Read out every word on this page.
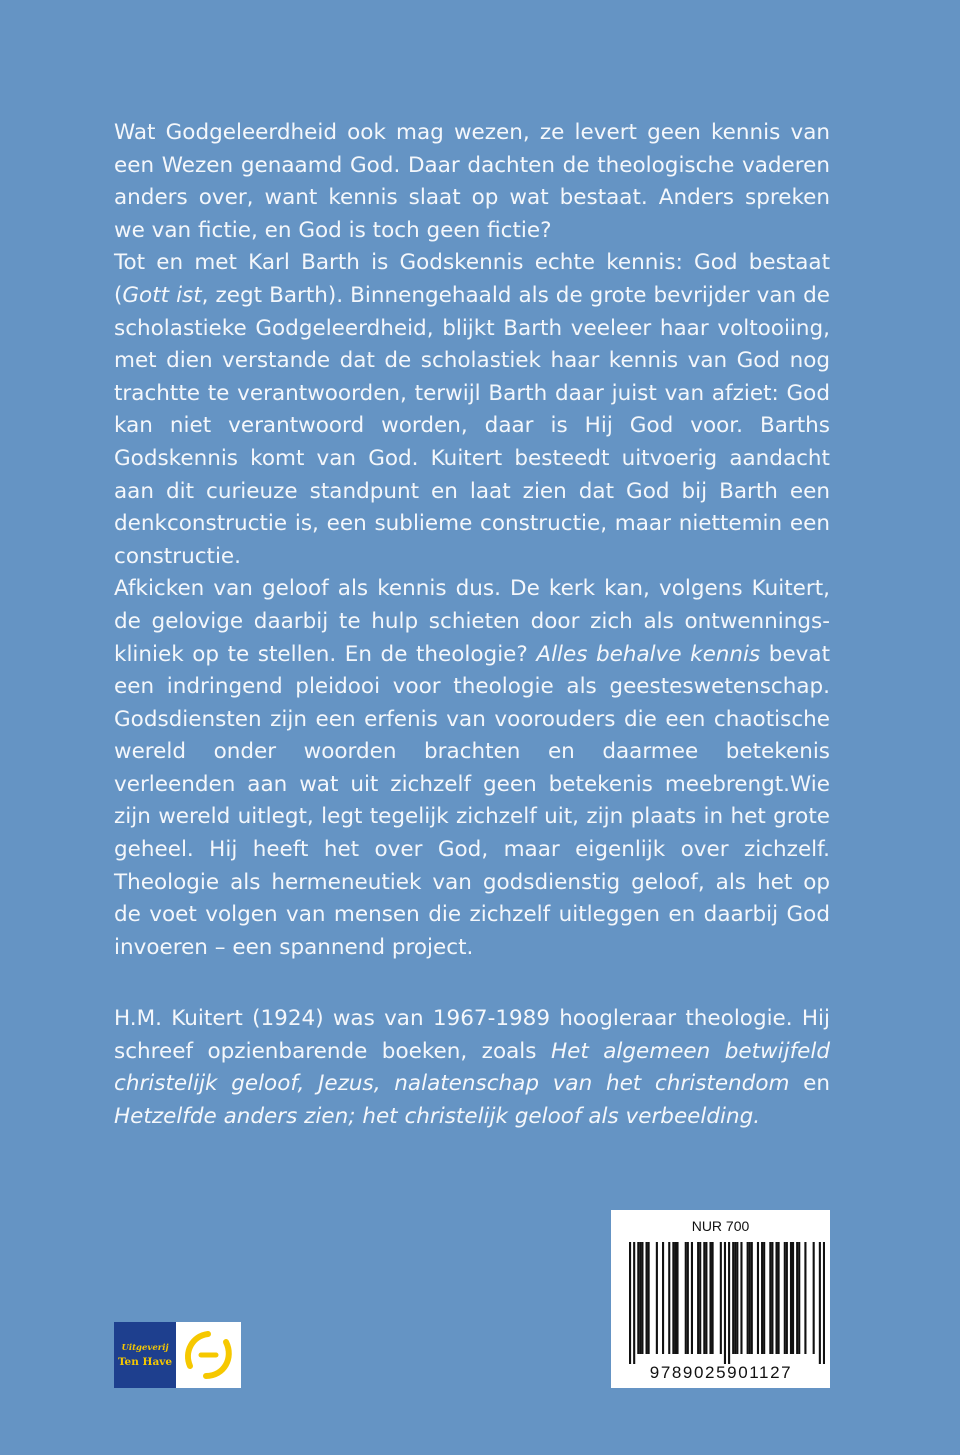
Wat Godgeleerdheid ook mag wezen, ze levert geen kennis van een Wezen genaamd God. Daar dachten de theologische vaderen anders over, want kennis slaat op wat bestaat. Anders spreken we van fictie, en God is toch geen fictie?

Tot en met Karl Barth is Godskennis echte kennis: God bestaat (Gott ist, zegt Barth). Binnengehaald als de grote bevrijder van de scholastieke Godgeleerdheid, blijkt Barth veeleer haar voltooiing, met dien verstande dat de scholastiek haar kennis van God nog trachtte te verantwoorden, terwijl Barth daar juist van afziet: God kan niet verantwoord worden, daar is Hij God voor. Barths Godskennis komt van God. Kuitert besteedt uitvoerig aandacht aan dit curieuze standpunt en laat zien dat God bij Barth een denkconstructie is, een sublieme constructie, maar niettemin een constructie.

Afkicken van geloof als kennis dus. De kerk kan, volgens Kuitert, de gelovige daarbij te hulp schieten door zich als ontwenningskliniek op te stellen. En de theologie? Alles behalve kennis bevat een indringend pleidooi voor theologie als geesteswetenschap. Godsdiensten zijn een erfenis van voorouders die een chaotische wereld onder woorden brachten en daarmee betekenis verleenden aan wat uit zichzelf geen betekenis meebrengt.Wie zijn wereld uitlegt, legt tegelijk zichzelf uit, zijn plaats in het grote geheel. Hij heeft het over God, maar eigenlijk over zichzelf. Theologie als hermeneutiek van godsdienstig geloof, als het op de voet volgen van mensen die zichzelf uitleggen en daarbij God invoeren – een spannend project.

H.M. Kuitert (1924) was van 1967-1989 hoogleraar theologie. Hij schreef opzienbarende boeken, zoals Het algemeen betwijfeld christelijk geloof, Jezus, nalatenschap van het christendom en Hetzelfde anders zien; het christelijk geloof als verbeelding.

NUR 700
9789025901127
Uitgeverij
Ten Have
